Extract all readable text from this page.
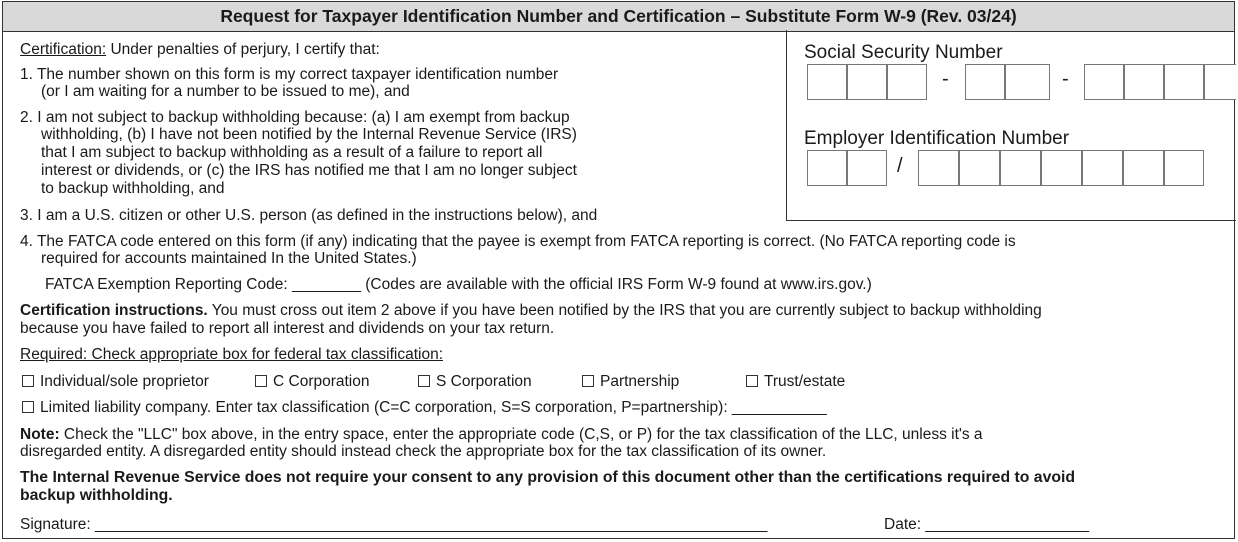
Request for Taxpayer Identification Number and Certification – Substitute Form W-9 (Rev. 03/24)
Social Security Number
-	-
Employer Identification Number
/
Certification: Under penalties of perjury, I certify that:
1. The number shown on this form is my correct taxpayer identification number
(or I am waiting for a number to be issued to me), and
2. I am not subject to backup withholding because: (a) I am exempt from backup
withholding, (b) I have not been notified by the Internal Revenue Service (IRS)
that I am subject to backup withholding as a result of a failure to report all
interest or dividends, or (c) the IRS has notified me that I am no longer subject
to backup withholding, and
3. I am a U.S. citizen or other U.S. person (as defined in the instructions below), and
4. The FATCA code entered on this form (if any) indicating that the payee is exempt from FATCA reporting is correct. (No FATCA reporting code is
required for accounts maintained In the United States.)
FATCA Exemption Reporting Code: ________ (Codes are available with the official IRS Form W-9 found at www.irs.gov.)
Certification instructions. You must cross out item 2 above if you have been notified by the IRS that you are currently subject to backup withholding
because you have failed to report all interest and dividends on your tax return.
Required: Check appropriate box for federal tax classification:
Individual/sole proprietor	C Corporation	S Corporation	Partnership	Trust/estate
Limited liability company. Enter tax classification (C=C corporation, S=S corporation, P=partnership): ___________
Note: Check the "LLC" box above, in the entry space, enter the appropriate code (C,S, or P) for the tax classification of the LLC, unless it's a
disregarded entity. A disregarded entity should instead check the appropriate box for the tax classification of its owner.
The Internal Revenue Service does not require your consent to any provision of this document other than the certifications required to avoid
backup withholding.
Signature: ______________________________________________________________________________	Date: ___________________
